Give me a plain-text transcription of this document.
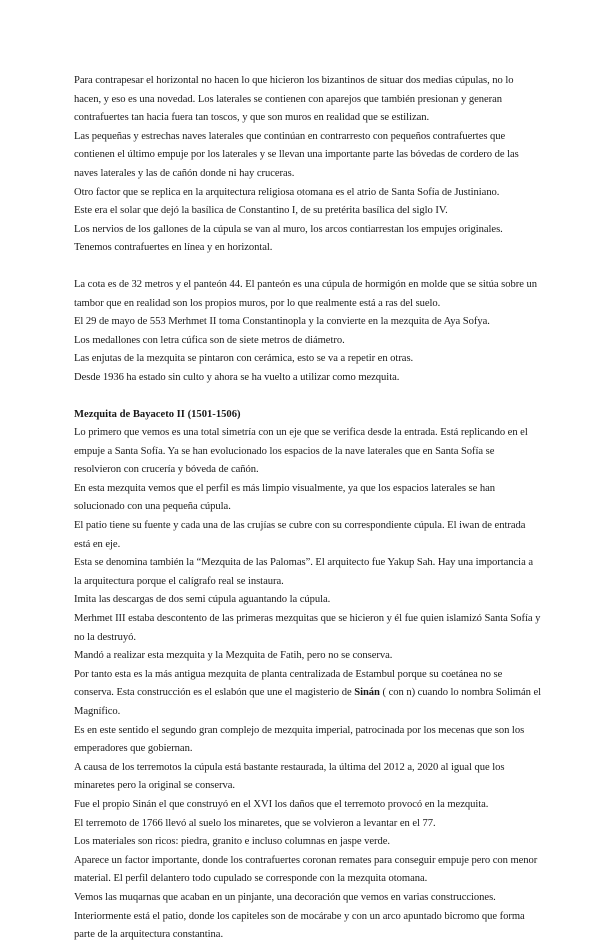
Para contrapesar el horizontal no hacen lo que hicieron los bizantinos de situar dos medias cúpulas, no lo hacen, y eso es una novedad. Los laterales se contienen con aparejos que también presionan y generan contrafuertes tan hacia fuera tan toscos, y que son muros en realidad que se estilizan.

Las pequeñas y estrechas naves laterales que continúan en contrarresto con pequeños contrafuertes que contienen el último empuje por los laterales y se llevan una importante parte las bóvedas de cordero de las naves laterales y las de cañón donde ni hay cruceras.

Otro factor que se replica en la arquitectura religiosa otomana es el atrio de Santa Sofía de Justiniano.

Este era el solar que dejó la basílica de Constantino I, de su pretérita basílica del siglo IV.

Los nervios de los gallones de la cúpula se van al muro, los arcos contiarrestan los empujes originales.

Tenemos contrafuertes en línea y en horizontal.

La cota es de 32 metros y el panteón 44. El panteón es una cúpula de hormigón en molde que se sitúa sobre un tambor que en realidad son los propios muros, por lo que realmente está a ras del suelo.

El 29 de mayo de 553 Merhmet II toma Constantinopla y la convierte en la mezquita de Aya Sofya.

Los medallones con letra cúfica son de siete metros de diámetro.

Las enjutas de la mezquita se pintaron con cerámica, esto se va a repetir en otras.

Desde 1936 ha estado sin culto y ahora se ha vuelto a utilizar como mezquita.

Mezquita de Bayaceto II (1501-1506)

Lo primero que vemos es una total simetría con un eje que se verifica desde la entrada. Está replicando en el empuje a Santa Sofía. Ya se han evolucionado los espacios de la nave laterales que en Santa Sofía se resolvieron con crucería y bóveda de cañón.

En esta mezquita vemos que el perfil es más limpio visualmente, ya que los espacios laterales se han solucionado con una pequeña cúpula.

El patio tiene su fuente y cada una de las crujías se cubre con su correspondiente cúpula. El iwan de entrada está en eje.

Esta se denomina también la “Mezquita de las Palomas”. El arquitecto fue Yakup Sah. Hay una importancia a la arquitectura porque el calígrafo real se instaura.

Imita las descargas de dos semi cúpula aguantando la cúpula.

Merhmet III estaba descontento de las primeras mezquitas que se hicieron y él fue quien islamizó Santa Sofía y no la destruyó.

Mandó a realizar esta mezquita y la Mezquita de Fatih, pero no se conserva.

Por tanto esta es la más antigua mezquita de planta centralizada de Estambul porque su coetánea no se conserva. Esta construcción es el eslabón que une el magisterio de Sinán ( con n) cuando lo nombra Solimán el Magnífico.

Es en este sentido el segundo gran complejo de mezquita imperial, patrocinada por los mecenas que son los emperadores que gobiernan.

A causa de los terremotos la cúpula está bastante restaurada, la última del 2012 a, 2020 al igual que los minaretes pero la original se conserva.

Fue el propio Sinán el que construyó en el XVI los daños que el terremoto provocó en la mezquita.

El terremoto de 1766 llevó al suelo los minaretes, que se volvieron a levantar en el 77.

Los materiales son ricos: piedra, granito e incluso columnas en jaspe verde.

Aparece un factor importante, donde los contrafuertes coronan remates para conseguir empuje pero con menor material. El perfil delantero todo cupulado se corresponde con la mezquita otomana.

Vemos las muqarnas que acaban en un pinjante, una decoración que vemos en varias construcciones.

Interiormente está el patio, donde los capiteles son de mocárabe y con un arco apuntado bicromo que forma parte de la arquitectura constantina.
